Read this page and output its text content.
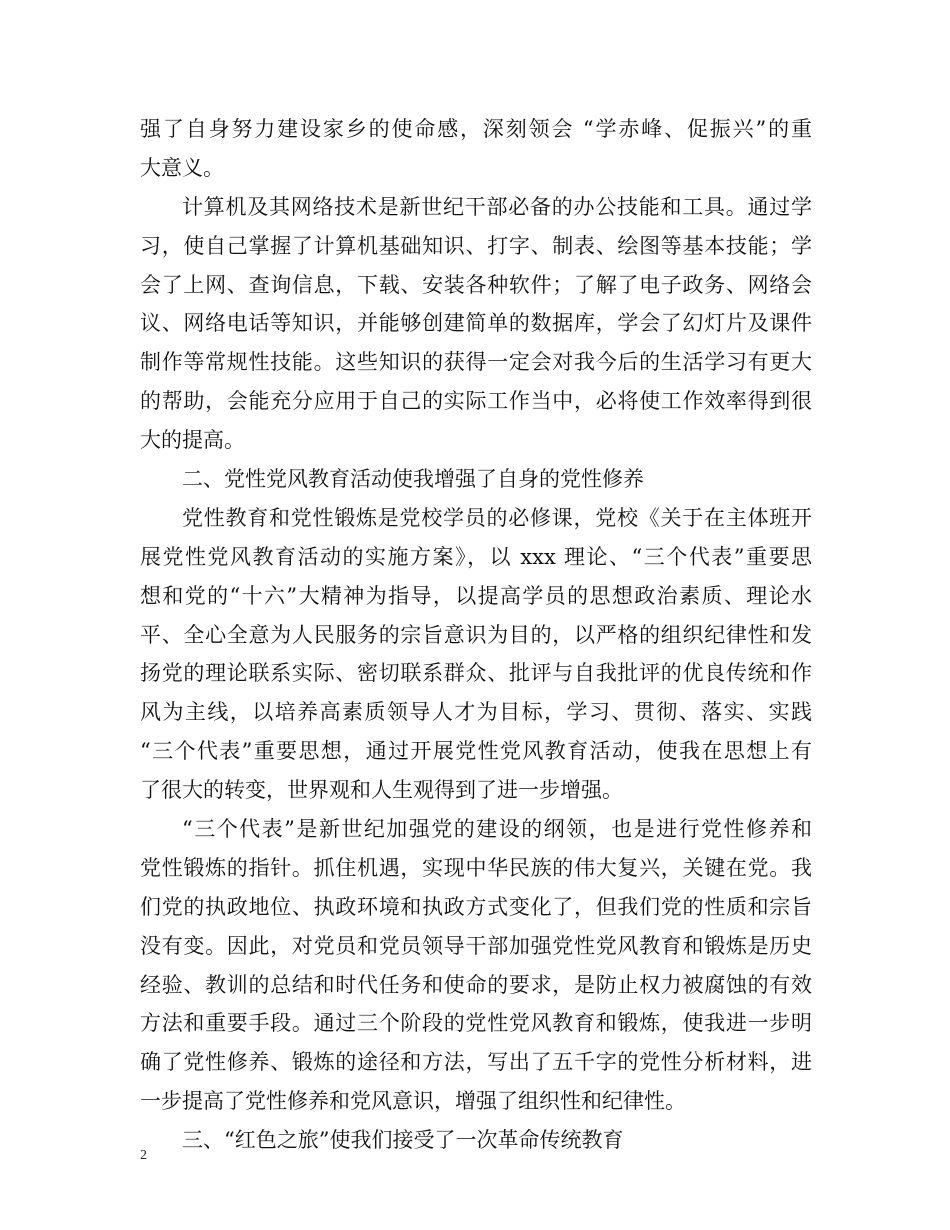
强了自身努力建设家乡的使命感，深刻领会 “学赤峰、促振兴”的重
大意义。
计算机及其网络技术是新世纪干部必备的办公技能和工具。通过学
习，使自己掌握了计算机基础知识、打字、制表、绘图等基本技能；学
会了上网、查询信息，下载、安装各种软件；了解了电子政务、网络会
议、网络电话等知识，并能够创建简单的数据库，学会了幻灯片及课件
制作等常规性技能。这些知识的获得一定会对我今后的生活学习有更大
的帮助，会能充分应用于自己的实际工作当中，必将使工作效率得到很
大的提高。
二、党性党风教育活动使我增强了自身的党性修养
党性教育和党性锻炼是党校学员的必修课，党校《关于在主体班开
展党性党风教育活动的实施方案》，以 xxx 理论、“三个代表”重要思
想和党的“十六”大精神为指导，以提高学员的思想政治素质、理论水
平、全心全意为人民服务的宗旨意识为目的，以严格的组织纪律性和发
扬党的理论联系实际、密切联系群众、批评与自我批评的优良传统和作
风为主线，以培养高素质领导人才为目标，学习、贯彻、落实、实践
“三个代表”重要思想，通过开展党性党风教育活动，使我在思想上有
了很大的转变，世界观和人生观得到了进一步增强。
“三个代表”是新世纪加强党的建设的纲领，也是进行党性修养和
党性锻炼的指针。抓住机遇，实现中华民族的伟大复兴，关键在党。我
们党的执政地位、执政环境和执政方式变化了，但我们党的性质和宗旨
没有变。因此，对党员和党员领导干部加强党性党风教育和锻炼是历史
经验、教训的总结和时代任务和使命的要求，是防止权力被腐蚀的有效
方法和重要手段。通过三个阶段的党性党风教育和锻炼，使我进一步明
确了党性修养、锻炼的途径和方法，写出了五千字的党性分析材料，进
一步提高了党性修养和党风意识，增强了组织性和纪律性。
三、“红色之旅”使我们接受了一次革命传统教育
2
